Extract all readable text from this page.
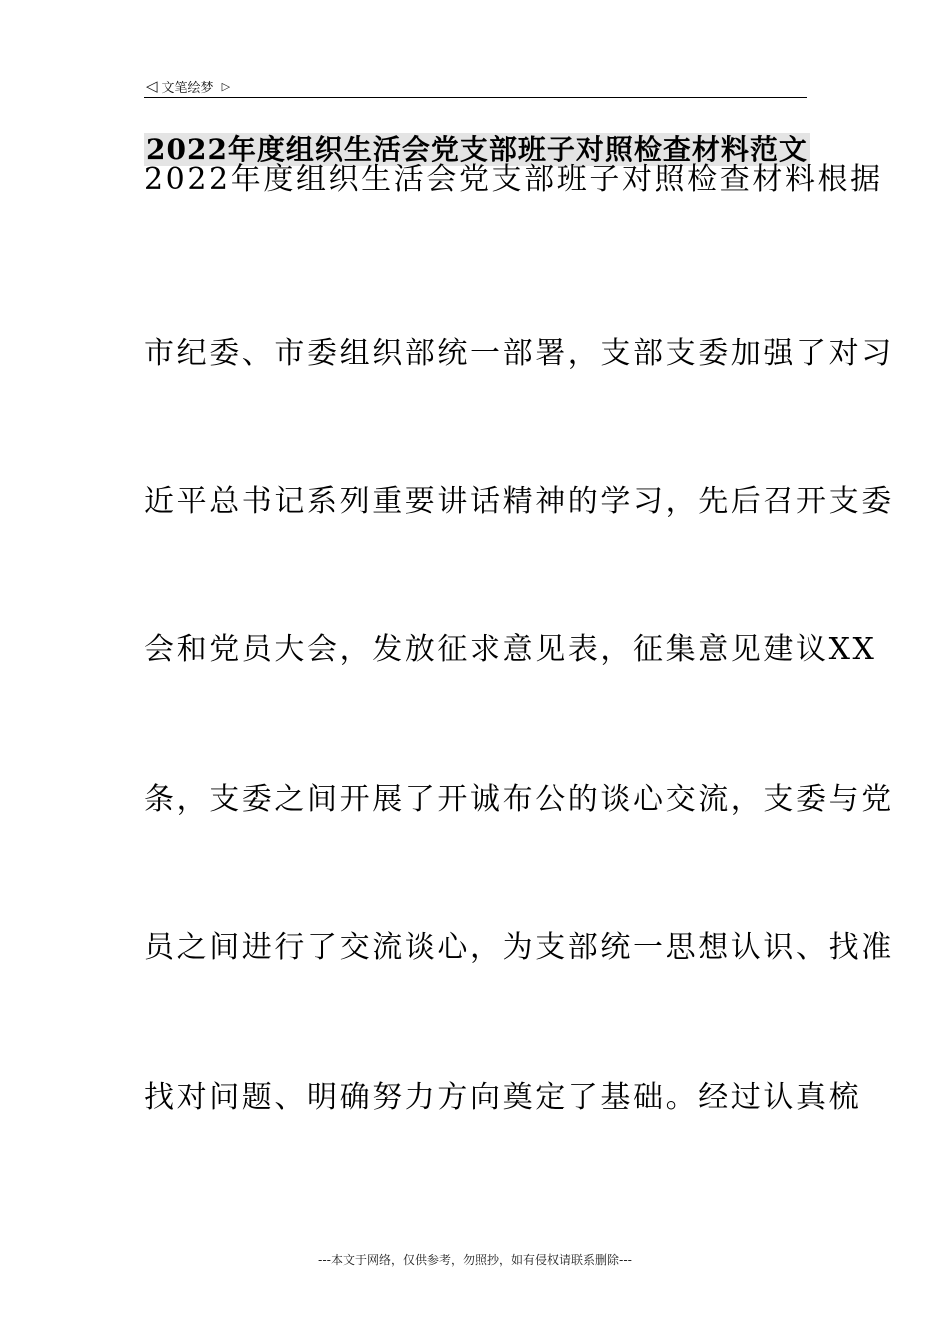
◁ 文笔绘梦 ▷
2022年度组织生活会党支部班子对照检查材料范文
2022年度组织生活会党支部班子对照检查材料根据
市纪委、市委组织部统一部署，支部支委加强了对习
近平总书记系列重要讲话精神的学习，先后召开支委
会和党员大会，发放征求意见表，征集意见建议XX
条，支委之间开展了开诚布公的谈心交流，支委与党
员之间进行了交流谈心，为支部统一思想认识、找准
找对问题、明确努力方向奠定了基础。经过认真梳
---本文于网络，仅供参考，勿照抄，如有侵权请联系删除---
